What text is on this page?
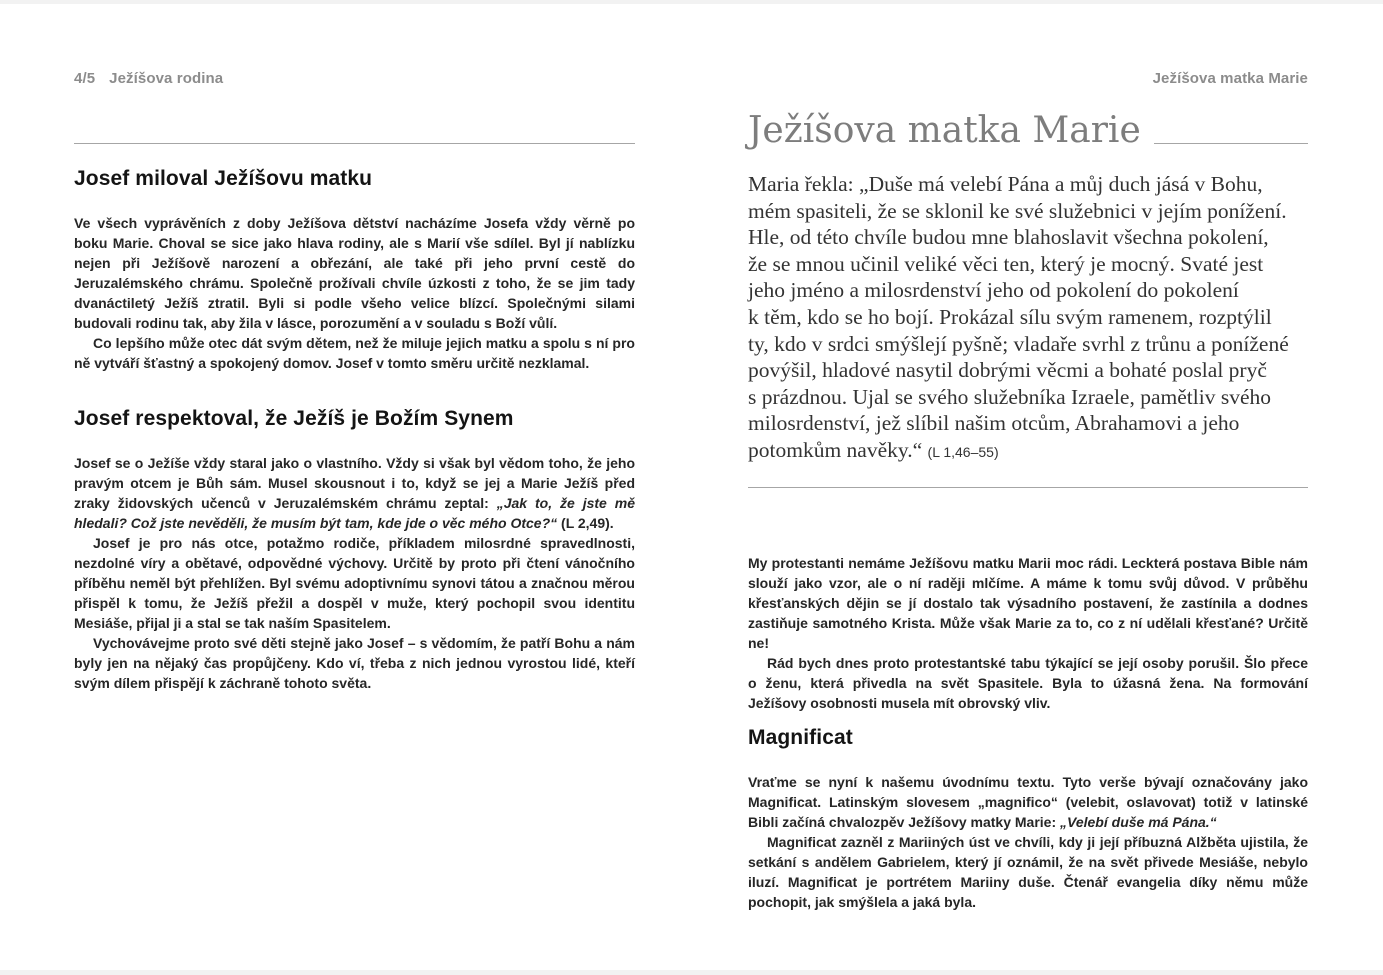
4/5 Ježíšova rodina
Josef miloval Ježíšovu matku

Ve všech vyprávěních z doby Ježíšova dětství nacházíme Josefa vždy věrně po boku Marie. Choval se sice jako hlava rodiny, ale s Marií vše sdílel. Byl jí nablízku nejen při Ježíšově narození a obřezání, ale také při jeho první cestě do Jeruzalémského chrámu. Společně prožívali chvíle úzkosti z toho, že se jim tady dvanáctiletý Ježíš ztratil. Byli si podle všeho velice blízcí. Společnými silami budovali rodinu tak, aby žila v lásce, porozumění a v souladu s Boží vůlí.

Co lepšího může otec dát svým dětem, než že miluje jejich matku a spolu s ní pro ně vytváří šťastný a spokojený domov. Josef v tomto směru určitě nezklamal.

Josef respektoval, že Ježíš je Božím Synem

Josef se o Ježíše vždy staral jako o vlastního. Vždy si však byl vědom toho, že jeho pravým otcem je Bůh sám. Musel skousnout i to, když se jej a Marie Ježíš před zraky židovských učenců v Jeruzalémském chrámu zeptal: „Jak to, že jste mě hledali? Což jste nevěděli, že musím být tam, kde jde o věc mého Otce?“ (L 2,49).

Josef je pro nás otce, potažmo rodiče, příkladem milosrdné spravedlnosti, nezdolné víry a obětavé, odpovědné výchovy. Určitě by proto při čtení vánočního příběhu neměl být přehlížen. Byl svému adoptivnímu synovi tátou a značnou měrou přispěl k tomu, že Ježíš přežil a dospěl v muže, který pochopil svou identitu Mesiáše, přijal ji a stal se tak naším Spasitelem.

Vychovávejme proto své děti stejně jako Josef – s vědomím, že patří Bohu a nám byly jen na nějaký čas propůjčeny. Kdo ví, třeba z nich jednou vyrostou lidé, kteří svým dílem přispějí k záchraně tohoto světa.

Ježíšova matka Marie
Ježíšova matka Marie
Maria řekla: „Duše má velebí Pána a můj duch jásá v Bohu,
mém spasiteli, že se sklonil ke své služebnici v jejím ponížení.
Hle, od této chvíle budou mne blahoslavit všechna pokolení,
že se mnou učinil veliké věci ten, který je mocný. Svaté jest
jeho jméno a milosrdenství jeho od pokolení do pokolení
k těm, kdo se ho bojí. Prokázal sílu svým ramenem, rozptýlil
ty, kdo v srdci smýšlejí pyšně; vladaře svrhl z trůnu a ponížené
povýšil, hladové nasytil dobrými věcmi a bohaté poslal pryč
s prázdnou. Ujal se svého služebníka Izraele, pamětliv svého
milosrdenství, jež slíbil našim otcům, Abrahamovi a jeho
potomkům navěky.“ (L 1,46–55)

My protestanti nemáme Ježíšovu matku Marii moc rádi. Leckterá postava Bible nám slouží jako vzor, ale o ní raději mlčíme. A máme k tomu svůj důvod. V průběhu křesťanských dějin se jí dostalo tak výsadního postavení, že zastínila a dodnes zastiňuje samotného Krista. Může však Marie za to, co z ní udělali křesťané? Určitě ne!

Rád bych dnes proto protestantské tabu týkající se její osoby porušil. Šlo přece o ženu, která přivedla na svět Spasitele. Byla to úžasná žena. Na formování Ježíšovy osobnosti musela mít obrovský vliv.

Magnificat

Vraťme se nyní k našemu úvodnímu textu. Tyto verše bývají označovány jako Magnificat. Latinským slovesem „magnifico“ (velebit, oslavovat) totiž v latinské Bibli začíná chvalozpěv Ježíšovy matky Marie: „Velebí duše má Pána.“

Magnificat zazněl z Mariiných úst ve chvíli, kdy ji její příbuzná Alžběta ujistila, že setkání s andělem Gabrielem, který jí oznámil, že na svět přivede Mesiáše, nebylo iluzí. Magnificat je portrétem Mariiny duše. Čtenář evangelia díky němu může pochopit, jak smýšlela a jaká byla.
